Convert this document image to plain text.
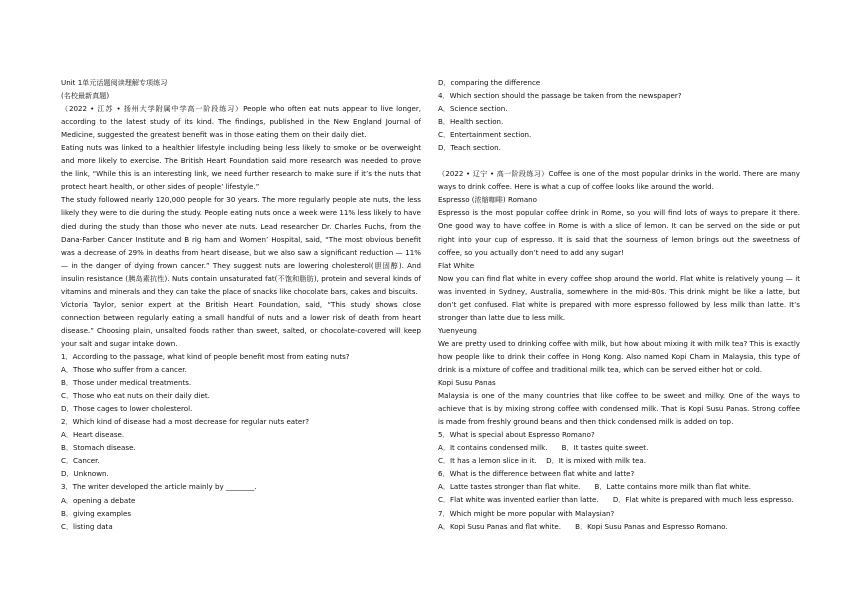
Unit 1单元话题阅读理解专项练习

(名校最新真题)

（2022 • 江苏 • 扬州大学附属中学高一阶段练习）People who often eat nuts appear to live longer, according to the latest study of its kind. The findings, published in the New England Journal of Medicine, suggested the greatest benefit was in those eating them on their daily diet.

Eating nuts was linked to a healthier lifestyle including being less likely to smoke or be overweight and more likely to exercise. The British Heart Foundation said more research was needed to prove the link, “While this is an interesting link, we need further research to make sure if it’s the nuts that protect heart health, or other sides of people’ lifestyle.”

The study followed nearly 120,000 people for 30 years. The more regularly people ate nuts, the less likely they were to die during the study. People eating nuts once a week were 11% less likely to have died during the study than those who never ate nuts. Lead researcher Dr. Charles Fuchs, from the Dana-Farber Cancer Institute and B rig ham and Women’ Hospital, said, “The most obvious benefit was a decrease of 29% in deaths from heart disease, but we also saw a significant reduction — 11% — in the danger of dying frown cancer.” They suggest nuts are lowering cholesterol(胆固醇). And insulin resistance (胰岛素抗性). Nuts contain unsaturated fat(不饱和脂肪), protein and several kinds of vitamins and minerals and they can take the place of snacks like chocolate bars, cakes and biscuits.

Victoria Taylor, senior expert at the British Heart Foundation, said, “This study shows close connection between regularly eating a small handful of nuts and a lower risk of death from heart disease.” Choosing plain, unsalted foods rather than sweet, salted, or chocolate-covered will keep your salt and sugar intake down.

1．According to the passage, what kind of people benefit most from eating nuts?

A．Those who suffer from a cancer.

B．Those under medical treatments.

C．Those who eat nuts on their daily diet.

D．Those cages to lower cholesterol.

2．Which kind of disease had a most decrease for regular nuts eater?

A．Heart disease.

B．Stomach disease.

C．Cancer.

D．Unknown.

3．The writer developed the article mainly by ________.

A．opening a debate

B．giving examples

C．listing data

D．comparing the difference

4．Which section should the passage be taken from the newspaper?

A．Science section.

B．Health section.

C．Entertainment section.

D．Teach section.

（2022 • 辽宁 • 高一阶段练习）Coffee is one of the most popular drinks in the world. There are many ways to drink coffee. Here is what a cup of coffee looks like around the world.

Espresso (浓缩咖啡) Romano

Espresso is the most popular coffee drink in Rome, so you will find lots of ways to prepare it there. One good way to have coffee in Rome is with a slice of lemon. It can be served on the side or put right into your cup of espresso. It is said that the sourness of lemon brings out the sweetness of coffee, so you actually don’t need to add any sugar!

Flat White

Now you can find flat white in every coffee shop around the world. Flat white is relatively young — it was invented in Sydney, Australia, somewhere in the mid-80s. This drink might be like a latte, but don’t get confused. Flat white is prepared with more espresso followed by less milk than latte. It’s stronger than latte due to less milk.

Yuenyeung

We are pretty used to drinking coffee with milk, but how about mixing it with milk tea? This is exactly how people like to drink their coffee in Hong Kong. Also named Kopi Cham in Malaysia, this type of drink is a mixture of coffee and traditional milk tea, which can be served either hot or cold.

Kopi Susu Panas

Malaysia is one of the many countries that like coffee to be sweet and milky. One of the ways to achieve that is by mixing strong coffee with condensed milk. That is Kopi Susu Panas. Strong coffee is made from freshly ground beans and then thick condensed milk is added on top.

5．What is special about Espresso Romano?

A．It contains condensed milk.　　B．It tastes quite sweet.

C．It has a lemon slice in it.　 D．It is mixed with milk tea.

6．What is the difference between flat white and latte?

A．Latte tastes stronger than flat white.　　B．Latte contains more milk than flat white.

C．Flat white was invented earlier than latte.　　D．Flat white is prepared with much less espresso.

7．Which might be more popular with Malaysian?

A．Kopi Susu Panas and flat white.　　B．Kopi Susu Panas and Espresso Romano.
